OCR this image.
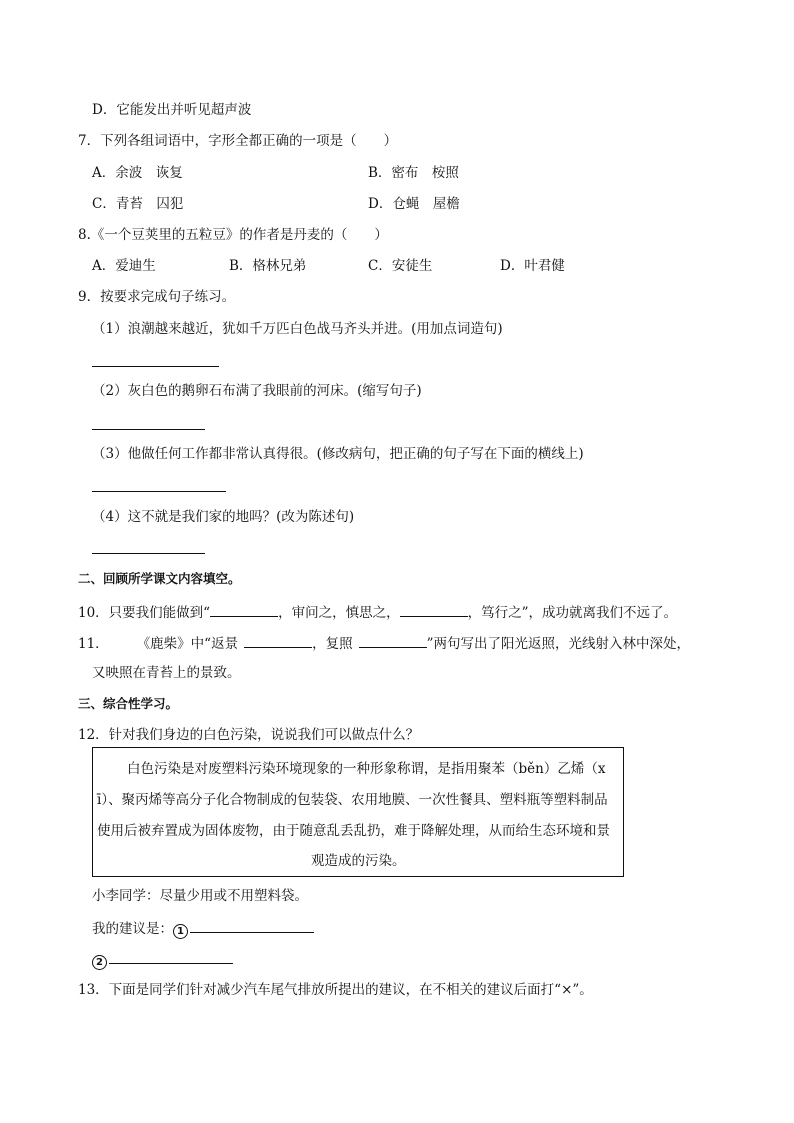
D．它能发出并听见超声波
7．下列各组词语中，字形全都正确的一项是（　　）
A．余波　诙复	B．密布　桉照
C．青苔　囚犯	D．仓蝇　屋檐
8.《一个豆荚里的五粒豆》的作者是丹麦的（　　）
A．爱迪生	B．格林兄弟	C．安徒生	D．叶君健
9．按要求完成句子练习。
（1）浪潮越来越近，犹如千万匹白色战马齐头并进。(用加点词造句)
（2）灰白色的鹅卵石布满了我眼前的河床。(缩写句子)
（3）他做任何工作都非常认真得很。(修改病句，把正确的句子写在下面的横线上)
（4）这不就是我们家的地吗？(改为陈述句)
二、回顾所学课文内容填空。
10．只要我们能做到“	，审问之，慎思之，	，笃行之”，成功就离我们不远了。
11． 《鹿柴》中“返景	，复照	”两句写出了阳光返照，光线射入林中深处，
又映照在青苔上的景致。
三、综合性学习。
12．针对我们身边的白色污染，说说我们可以做点什么？
白色污染是对废塑料污染环境现象的一种形象称谓，是指用聚苯（běn）乙烯（x
ī）、聚丙烯等高分子化合物制成的包装袋、农用地膜、一次性餐具、塑料瓶等塑料制品
使用后被弃置成为固体废物，由于随意乱丢乱扔，难于降解处理，从而给生态环境和景
观造成的污染。
小李同学：尽量少用或不用塑料袋。
我的建议是： 1
2
13．下面是同学们针对减少汽车尾气排放所提出的建议，在不相关的建议后面打“×”。
